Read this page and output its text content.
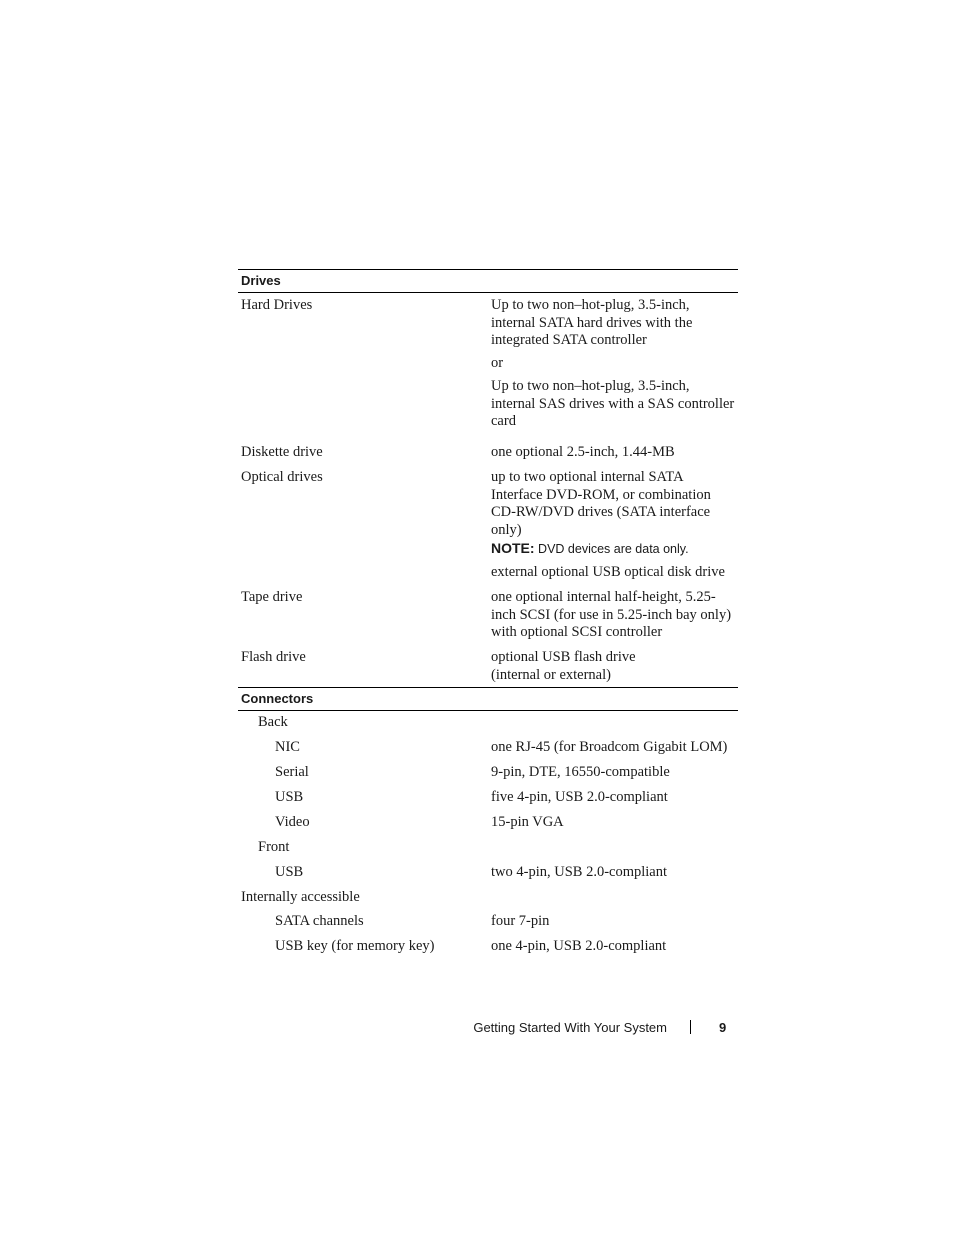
Drives
Hard Drives	Up to two non–hot-plug, 3.5-inch, internal SATA hard drives with the integrated SATA controller
or
Up to two non–hot-plug, 3.5-inch, internal SAS drives with a SAS controller card
Diskette drive	one optional 2.5-inch, 1.44-MB
Optical drives	up to two optional internal SATA Interface DVD-ROM, or combination CD-RW/DVD drives (SATA interface only)
NOTE: DVD devices are data only.
external optional USB optical disk drive
Tape drive	one optional internal half-height, 5.25-inch SCSI (for use in 5.25-inch bay only) with optional SCSI controller
Flash drive	optional USB flash drive
(internal or external)
Connectors
Back
NIC	one RJ-45 (for Broadcom Gigabit LOM)
Serial	9-pin, DTE, 16550-compatible
USB	five 4-pin, USB 2.0-compliant
Video	15-pin VGA
Front
USB	two 4-pin, USB 2.0-compliant
Internally accessible
SATA channels	four 7-pin
USB key (for memory key)	one 4-pin, USB 2.0-compliant
Getting Started With Your System	9
